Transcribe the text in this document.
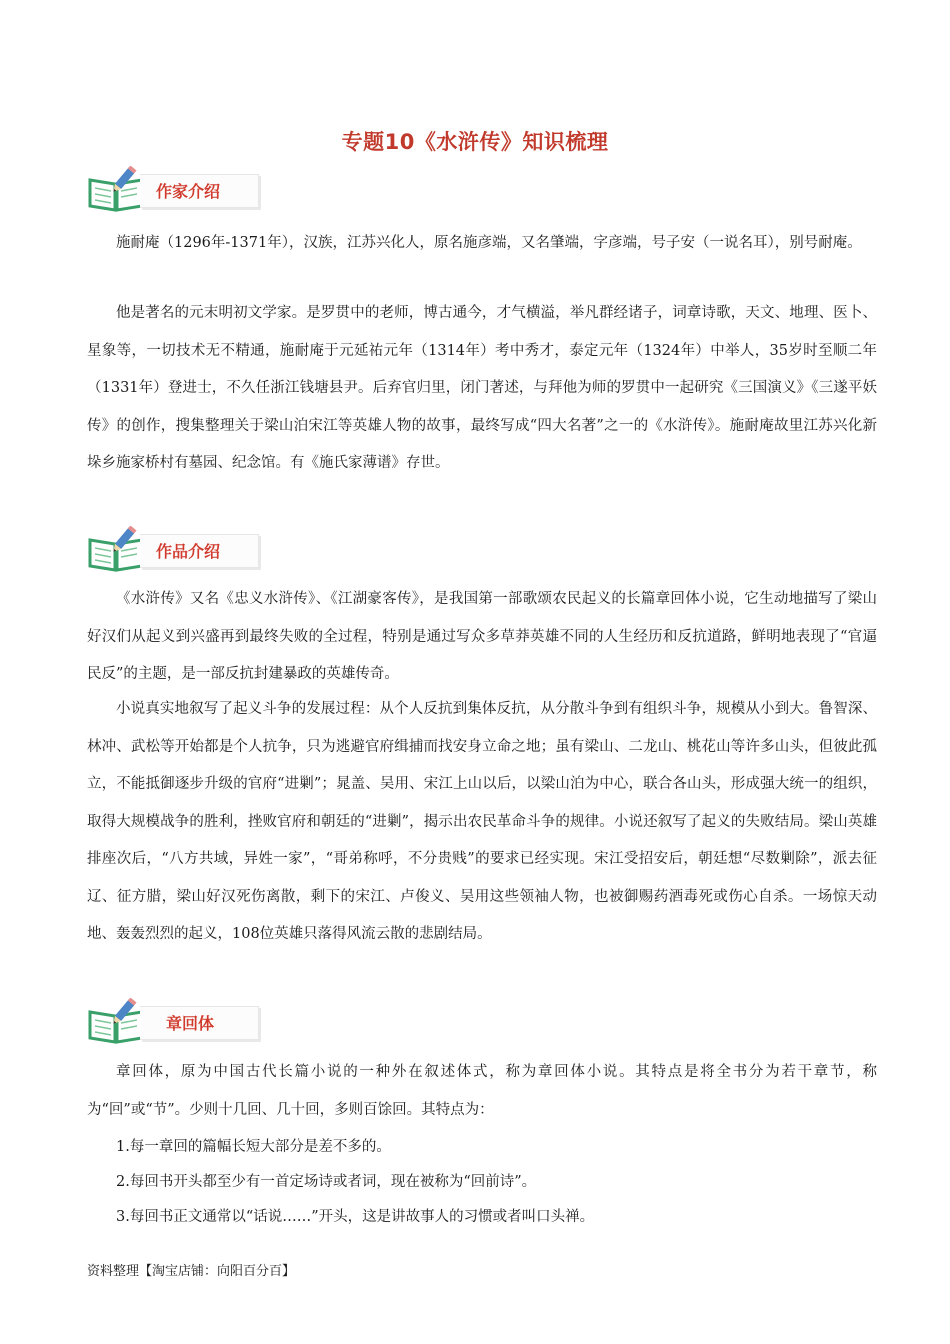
专题10《水浒传》知识梳理
作家介绍

施耐庵（1296年-1371年），汉族，江苏兴化人，原名施彦端，又名肇端，字彦端，号子安（一说名耳），别号耐庵。

他是著名的元末明初文学家。是罗贯中的老师，博古通今，才气横溢，举凡群经诸子，词章诗歌，天文、地理、医卜、星象等，一切技术无不精通，施耐庵于元延祐元年（1314年）考中秀才，泰定元年（1324年）中举人，35岁时至顺二年（1331年）登进士，不久任浙江钱塘县尹。后弃官归里，闭门著述，与拜他为师的罗贯中一起研究《三国演义》《三遂平妖传》的创作，搜集整理关于梁山泊宋江等英雄人物的故事，最终写成“四大名著”之一的《水浒传》。施耐庵故里江苏兴化新垛乡施家桥村有墓园、纪念馆。有《施氏家薄谱》存世。

作品介绍

《水浒传》又名《忠义水浒传》、《江湖豪客传》，是我国第一部歌颂农民起义的长篇章回体小说，它生动地描写了梁山好汉们从起义到兴盛再到最终失败的全过程，特别是通过写众多草莽英雄不同的人生经历和反抗道路，鲜明地表现了“官逼民反”的主题，是一部反抗封建暴政的英雄传奇。

小说真实地叙写了起义斗争的发展过程：从个人反抗到集体反抗，从分散斗争到有组织斗争，规模从小到大。鲁智深、林冲、武松等开始都是个人抗争，只为逃避官府缉捕而找安身立命之地；虽有梁山、二龙山、桃花山等许多山头，但彼此孤立，不能抵御逐步升级的官府“进剿”；晁盖、吴用、宋江上山以后，以梁山泊为中心，联合各山头，形成强大统一的组织，取得大规模战争的胜利，挫败官府和朝廷的“进剿”，揭示出农民革命斗争的规律。小说还叙写了起义的失败结局。梁山英雄排座次后，“八方共域，异姓一家”，“哥弟称呼，不分贵贱”的要求已经实现。宋江受招安后，朝廷想“尽数剿除”，派去征辽、征方腊，梁山好汉死伤离散，剩下的宋江、卢俊义、吴用这些领袖人物，也被御赐药酒毒死或伤心自杀。一场惊天动地、轰轰烈烈的起义，108位英雄只落得风流云散的悲剧结局。

章回体

章回体，原为中国古代长篇小说的一种外在叙述体式，称为章回体小说。其特点是将全书分为若干章节，称为“回”或“节”。少则十几回、几十回，多则百馀回。其特点为：

1.每一章回的篇幅长短大部分是差不多的。

2.每回书开头都至少有一首定场诗或者词，现在被称为“回前诗”。

3.每回书正文通常以“话说……”开头，这是讲故事人的习惯或者叫口头禅。

资料整理【淘宝店铺：向阳百分百】
